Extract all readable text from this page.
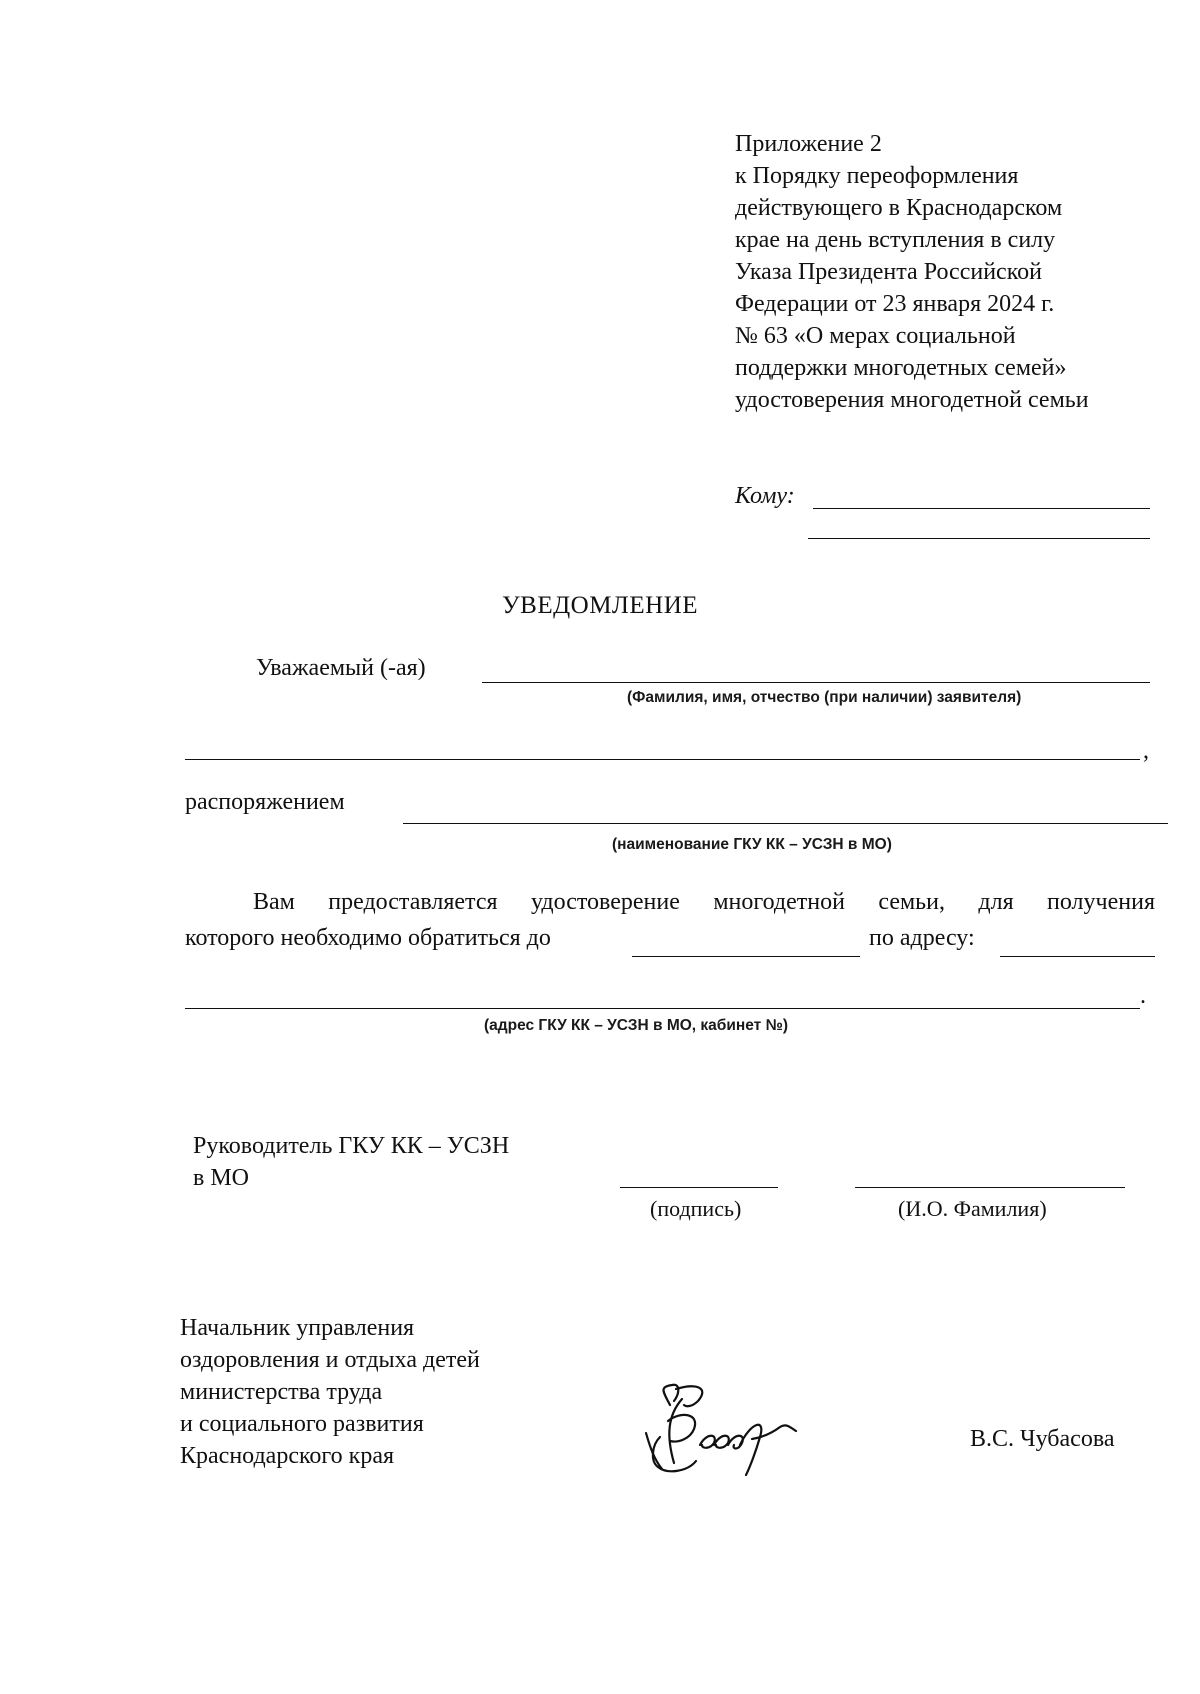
Приложение 2
к Порядку переоформления
действующего в Краснодарском
крае на день вступления в силу
Указа Президента Российской
Федерации от 23 января 2024 г.
№ 63 «О мерах социальной
поддержки многодетных семей»
удостоверения многодетной семьи
Кому:
УВЕДОМЛЕНИЕ
Уважаемый (-ая)
(Фамилия, имя, отчество (при наличии) заявителя)
,
распоряжением
(наименование ГКУ КК – УСЗН в МО)
Вам предоставляется удостоверение многодетной семьи, для получения
которого необходимо обратиться до	по адресу:
.
(адрес ГКУ КК – УСЗН в МО, кабинет №)
Руководитель ГКУ КК – УСЗН
в МО
(подпись)	(И.О. Фамилия)
Начальник управления
оздоровления и отдыха детей
министерства труда
и социального развития
Краснодарского края
В.С. Чубасова
